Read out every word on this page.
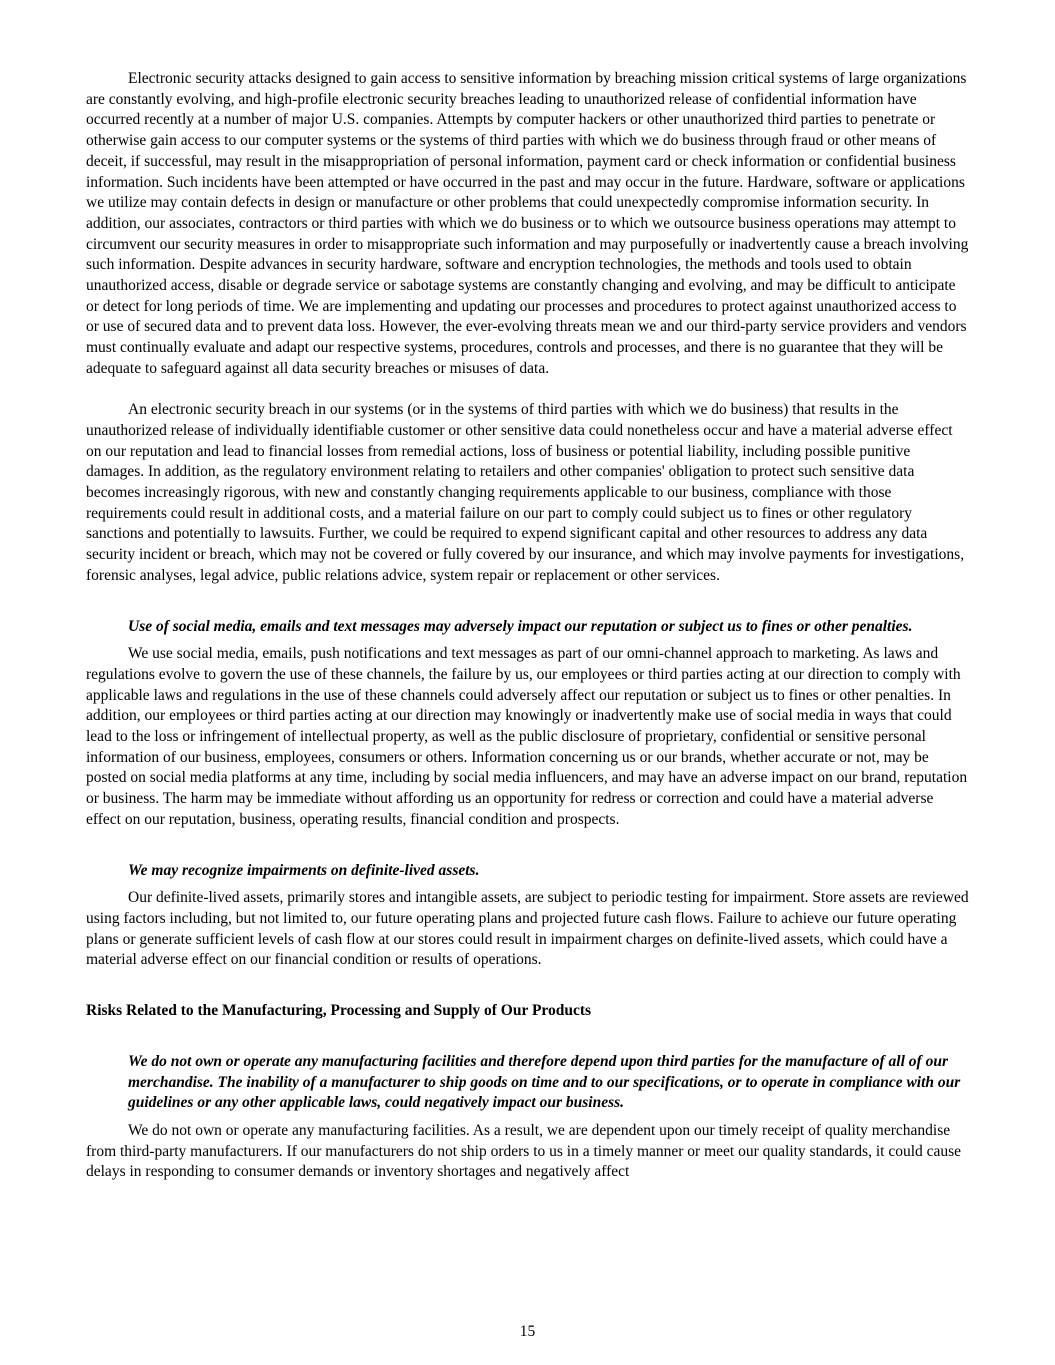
Electronic security attacks designed to gain access to sensitive information by breaching mission critical systems of large organizations are constantly evolving, and high-profile electronic security breaches leading to unauthorized release of confidential information have occurred recently at a number of major U.S. companies. Attempts by computer hackers or other unauthorized third parties to penetrate or otherwise gain access to our computer systems or the systems of third parties with which we do business through fraud or other means of deceit, if successful, may result in the misappropriation of personal information, payment card or check information or confidential business information. Such incidents have been attempted or have occurred in the past and may occur in the future. Hardware, software or applications we utilize may contain defects in design or manufacture or other problems that could unexpectedly compromise information security. In addition, our associates, contractors or third parties with which we do business or to which we outsource business operations may attempt to circumvent our security measures in order to misappropriate such information and may purposefully or inadvertently cause a breach involving such information. Despite advances in security hardware, software and encryption technologies, the methods and tools used to obtain unauthorized access, disable or degrade service or sabotage systems are constantly changing and evolving, and may be difficult to anticipate or detect for long periods of time. We are implementing and updating our processes and procedures to protect against unauthorized access to or use of secured data and to prevent data loss. However, the ever-evolving threats mean we and our third-party service providers and vendors must continually evaluate and adapt our respective systems, procedures, controls and processes, and there is no guarantee that they will be adequate to safeguard against all data security breaches or misuses of data.

An electronic security breach in our systems (or in the systems of third parties with which we do business) that results in the unauthorized release of individually identifiable customer or other sensitive data could nonetheless occur and have a material adverse effect on our reputation and lead to financial losses from remedial actions, loss of business or potential liability, including possible punitive damages. In addition, as the regulatory environment relating to retailers and other companies' obligation to protect such sensitive data becomes increasingly rigorous, with new and constantly changing requirements applicable to our business, compliance with those requirements could result in additional costs, and a material failure on our part to comply could subject us to fines or other regulatory sanctions and potentially to lawsuits. Further, we could be required to expend significant capital and other resources to address any data security incident or breach, which may not be covered or fully covered by our insurance, and which may involve payments for investigations, forensic analyses, legal advice, public relations advice, system repair or replacement or other services.

Use of social media, emails and text messages may adversely impact our reputation or subject us to fines or other penalties.

We use social media, emails, push notifications and text messages as part of our omni-channel approach to marketing. As laws and regulations evolve to govern the use of these channels, the failure by us, our employees or third parties acting at our direction to comply with applicable laws and regulations in the use of these channels could adversely affect our reputation or subject us to fines or other penalties. In addition, our employees or third parties acting at our direction may knowingly or inadvertently make use of social media in ways that could lead to the loss or infringement of intellectual property, as well as the public disclosure of proprietary, confidential or sensitive personal information of our business, employees, consumers or others. Information concerning us or our brands, whether accurate or not, may be posted on social media platforms at any time, including by social media influencers, and may have an adverse impact on our brand, reputation or business. The harm may be immediate without affording us an opportunity for redress or correction and could have a material adverse effect on our reputation, business, operating results, financial condition and prospects.

We may recognize impairments on definite-lived assets.

Our definite-lived assets, primarily stores and intangible assets, are subject to periodic testing for impairment. Store assets are reviewed using factors including, but not limited to, our future operating plans and projected future cash flows. Failure to achieve our future operating plans or generate sufficient levels of cash flow at our stores could result in impairment charges on definite-lived assets, which could have a material adverse effect on our financial condition or results of operations.

Risks Related to the Manufacturing, Processing and Supply of Our Products

We do not own or operate any manufacturing facilities and therefore depend upon third parties for the manufacture of all of our merchandise. The inability of a manufacturer to ship goods on time and to our specifications, or to operate in compliance with our guidelines or any other applicable laws, could negatively impact our business.

We do not own or operate any manufacturing facilities. As a result, we are dependent upon our timely receipt of quality merchandise from third-party manufacturers. If our manufacturers do not ship orders to us in a timely manner or meet our quality standards, it could cause delays in responding to consumer demands or inventory shortages and negatively affect

15
